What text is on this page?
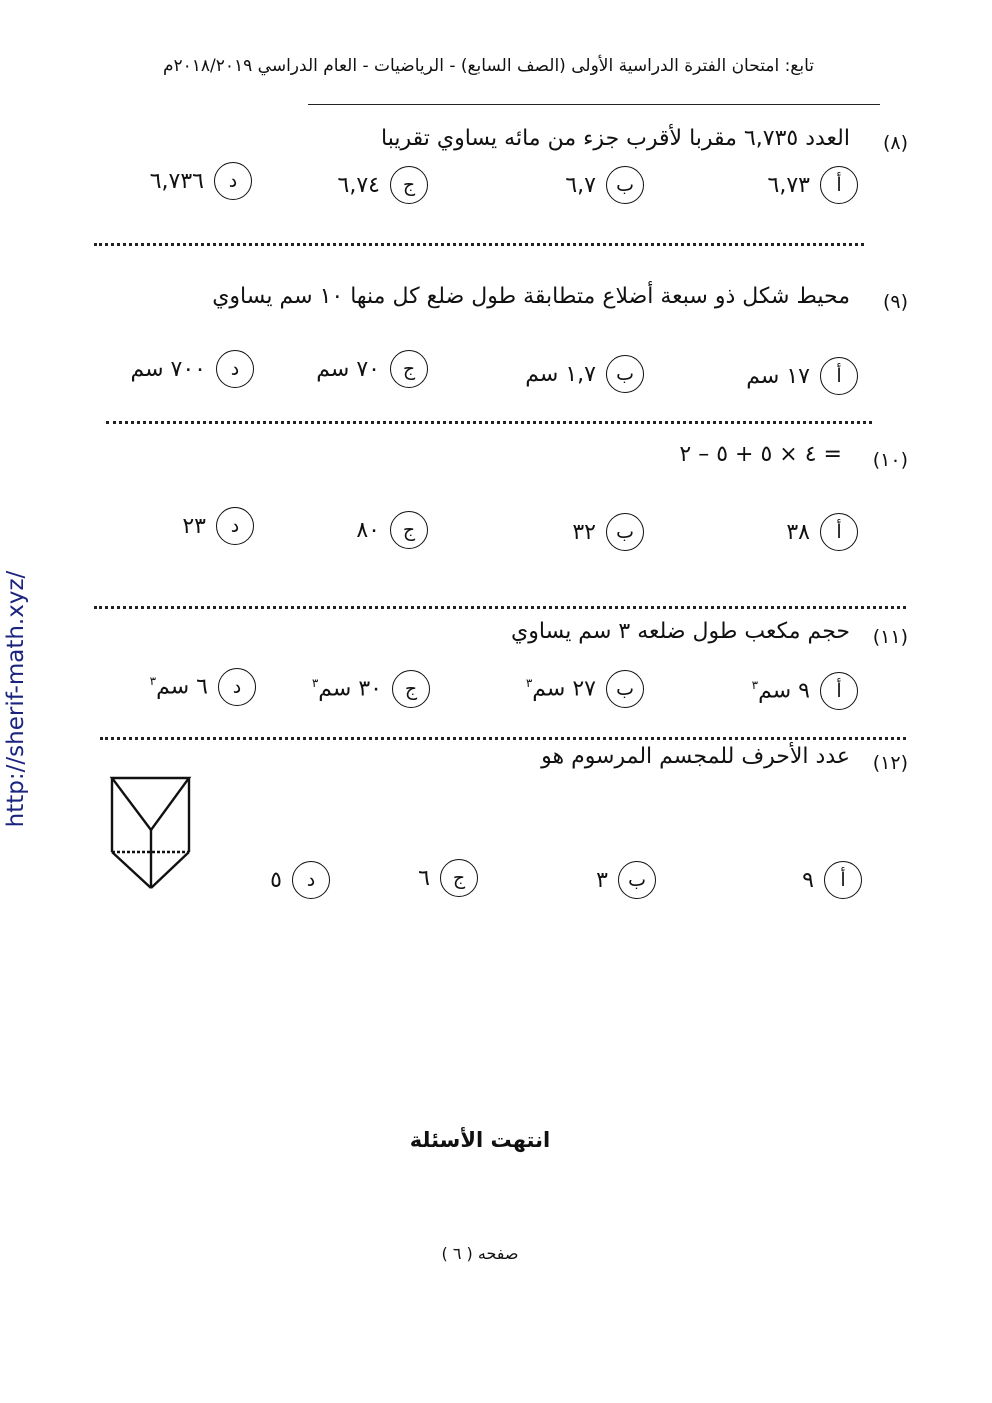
تابع: امتحان الفترة الدراسية الأولى (الصف السابع) - الرياضيات - العام الدراسي ٢٠١٨/٢٠١٩م
http://sherif-math.xyz/
(٨)
العدد ٦,٧٣٥ مقربا لأقرب جزء من مائه يساوي تقريبا
أ
٦,٧٣
ب
٦,٧
ج
٦,٧٤
د
٦,٧٣٦
(٩)
محيط شكل ذو سبعة أضلاع متطابقة طول ضلع كل منها ١٠ سم يساوي
أ
١٧ سم
ب
١,٧ سم
ج
٧٠ سم
د
٧٠٠ سم
(١٠)
٤ × ٥ + ٥ – ٢ =
أ
٣٨
ب
٣٢
ج
٨٠
د
٢٣
(١١)
حجم مكعب طول ضلعه ٣ سم يساوي
أ
٩ سم$^٣$
ب
٢٧ سم$^٣$
ج
٣٠ سم$^٣$
د
٦ سم$^٣$
(١٢)
عدد الأحرف للمجسم المرسوم هو
أ
٩
ب
٣
ج
٦
د
٥
انتهت الأسئلة
صفحه ( ٦ )
